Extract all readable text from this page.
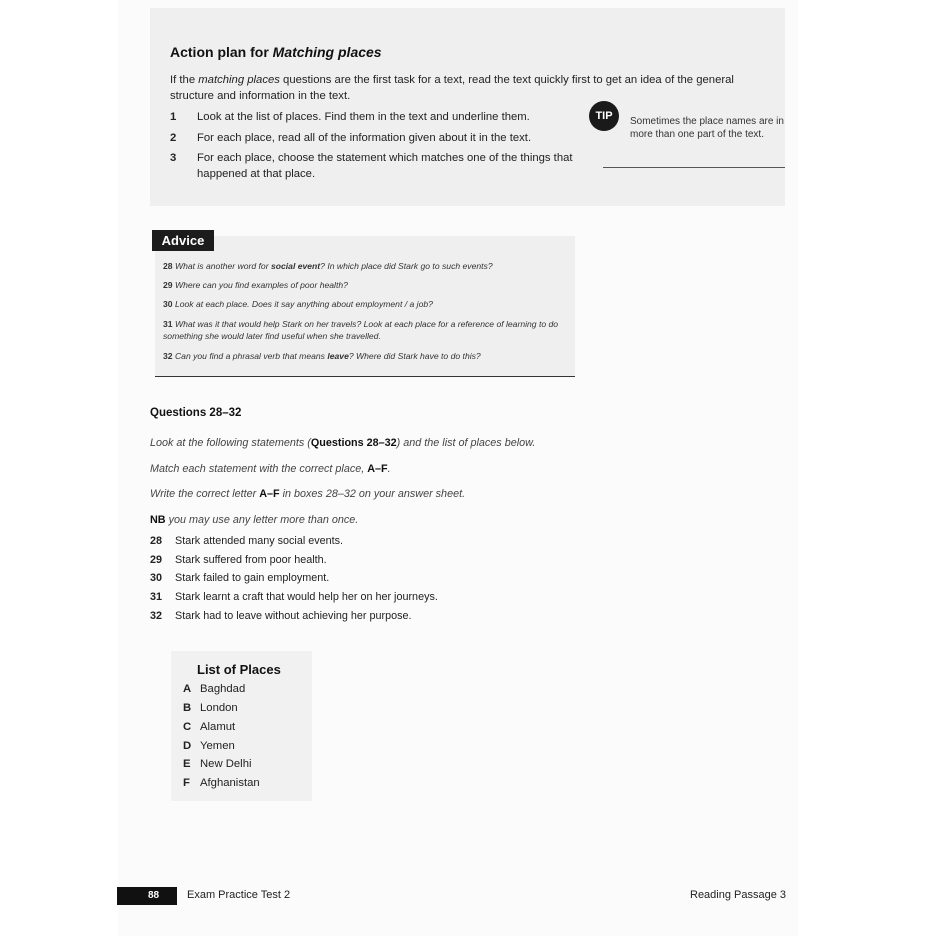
Action plan for Matching places
If the matching places questions are the first task for a text, read the text quickly first to get an idea of the general structure and information in the text.
1 Look at the list of places. Find them in the text and underline them.
2 For each place, read all of the information given about it in the text.
3 For each place, choose the statement which matches one of the things that happened at that place.
TIP	Sometimes the place names are in more than one part of the text.
Advice
28 What is another word for social event? In which place did Stark go to such events?
29 Where can you find examples of poor health?
30 Look at each place. Does it say anything about employment / a job?
31 What was it that would help Stark on her travels? Look at each place for a reference of learning to do something she would later find useful when she travelled.
32 Can you find a phrasal verb that means leave? Where did Stark have to do this?
Questions 28–32
Look at the following statements (Questions 28–32) and the list of places below.
Match each statement with the correct place, A–F.
Write the correct letter A–F in boxes 28–32 on your answer sheet.
NB you may use any letter more than once.
28 Stark attended many social events.
29 Stark suffered from poor health.
30 Stark failed to gain employment.
31 Stark learnt a craft that would help her on her journeys.
32 Stark had to leave without achieving her purpose.
List of Places
A Baghdad
B London
C Alamut
D Yemen
E New Delhi
F Afghanistan
88	Exam Practice Test 2	Reading Passage 3
